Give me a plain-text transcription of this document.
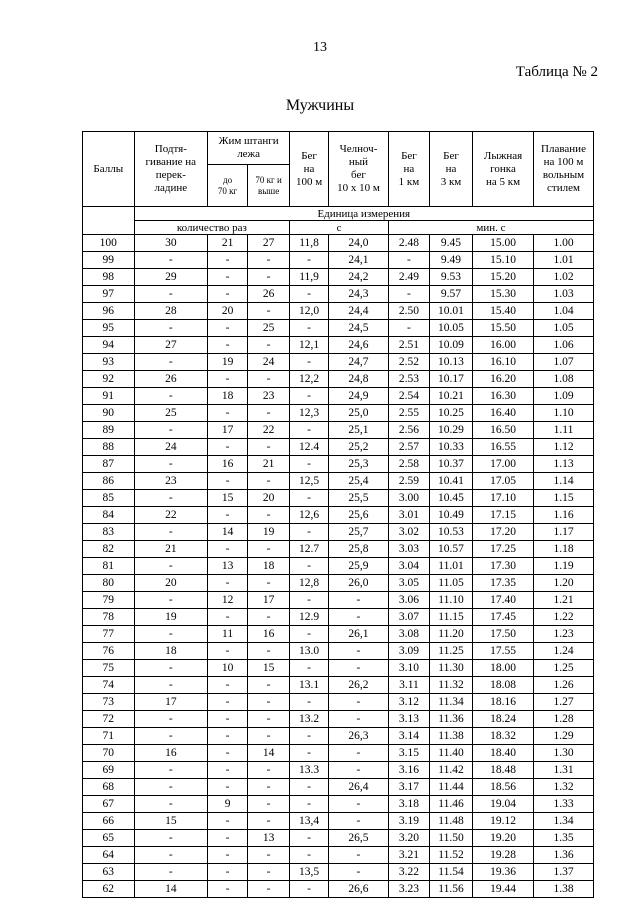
13
Таблица № 2
Мужчины
Баллы	Подтя-
гивание на
перек-
ладине	Жим штанги
лежа		Бег
на
100 м	Челноч-
ный
бег
10 х 10 м	Бег
на
1 км	Бег
на
3 км	Лыжная
гонка
на 5 км	Плавание
на 100 м
вольным
стилем
		до
70 кг	70 кг и
выше						
	Единица измерения								
	количество раз			с		мин. с			
100	30	21	27	11,8	24,0	2.48	9.45	15.00	1.00
99	-	-	-	-	24,1	-	9.49	15.10	1.01
98	29	-	-	11,9	24,2	2.49	9.53	15.20	1.02
97	-	-	26	-	24,3	-	9.57	15.30	1.03
96	28	20	-	12,0	24,4	2.50	10.01	15.40	1.04
95	-	-	25	-	24,5	-	10.05	15.50	1.05
94	27	-	-	12,1	24,6	2.51	10.09	16.00	1.06
93	-	19	24	-	24,7	2.52	10.13	16.10	1.07
92	26	-	-	12,2	24,8	2.53	10.17	16.20	1.08
91	-	18	23	-	24,9	2.54	10.21	16.30	1.09
90	25	-	-	12,3	25,0	2.55	10.25	16.40	1.10
89	-	17	22	-	25,1	2.56	10.29	16.50	1.11
88	24	-	-	12.4	25,2	2.57	10.33	16.55	1.12
87	-	16	21	-	25,3	2.58	10.37	17.00	1.13
86	23	-	-	12,5	25,4	2.59	10.41	17.05	1.14
85	-	15	20	-	25,5	3.00	10.45	17.10	1.15
84	22	-	-	12,6	25,6	3.01	10.49	17.15	1.16
83	-	14	19	-	25,7	3.02	10.53	17.20	1.17
82	21	-	-	12.7	25,8	3.03	10.57	17.25	1.18
81	-	13	18	-	25,9	3.04	11.01	17.30	1.19
80	20	-	-	12,8	26,0	3.05	11.05	17.35	1.20
79	-	12	17	-	-	3.06	11.10	17.40	1.21
78	19	-	-	12.9	-	3.07	11.15	17.45	1.22
77	-	11	16	-	26,1	3.08	11.20	17.50	1.23
76	18	-	-	13.0	-	3.09	11.25	17.55	1.24
75	-	10	15	-	-	3.10	11.30	18.00	1.25
74	-	-	-	13.1	26,2	3.11	11.32	18.08	1.26
73	17	-	-	-	-	3.12	11.34	18.16	1.27
72	-	-	-	13.2	-	3.13	11.36	18.24	1.28
71	-	-	-	-	26,3	3.14	11.38	18.32	1.29
70	16	-	14	-	-	3.15	11.40	18.40	1.30
69	-	-	-	13.3	-	3.16	11.42	18.48	1.31
68	-	-	-	-	26,4	3.17	11.44	18.56	1.32
67	-	9	-	-	-	3.18	11.46	19.04	1.33
66	15	-	-	13,4	-	3.19	11.48	19.12	1.34
65	-	-	13	-	26,5	3.20	11.50	19.20	1.35
64	-	-	-	-	-	3.21	11.52	19.28	1.36
63	-	-	-	13,5	-	3.22	11.54	19.36	1.37
62	14	-	-	-	26,6	3.23	11.56	19.44	1.38
